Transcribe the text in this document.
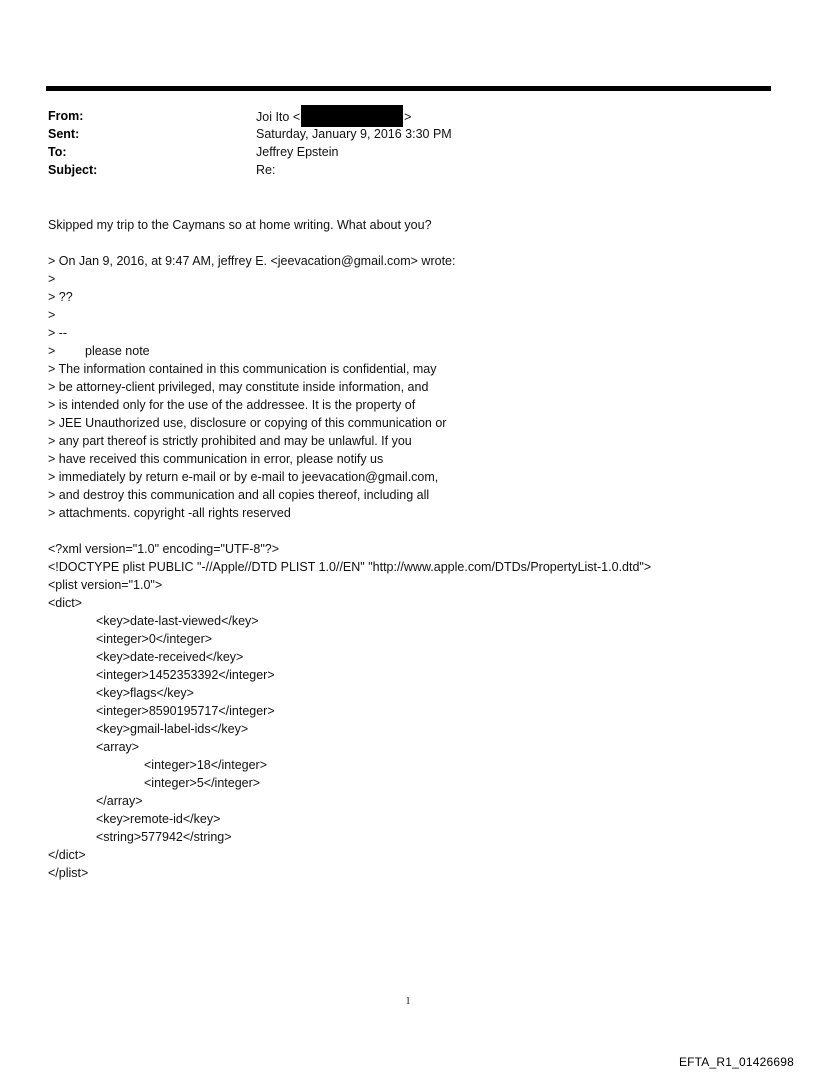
From:	Joi Ito <	>
Sent:	Saturday, January 9, 2016 3:30 PM
To:	Jeffrey Epstein
Subject:	Re:
Skipped my trip to the Caymans so at home writing. What about you?
> On Jan 9, 2016, at 9:47 AM, jeffrey E. <jeevacation@gmail.com> wrote:
>
> ??
>
> --
> please note
> The information contained in this communication is confidential, may
> be attorney-client privileged, may constitute inside information, and
> is intended only for the use of the addressee. It is the property of
> JEE Unauthorized use, disclosure or copying of this communication or
> any part thereof is strictly prohibited and may be unlawful. If you
> have received this communication in error, please notify us
> immediately by return e-mail or by e-mail to jeevacation@gmail.com,
> and destroy this communication and all copies thereof, including all
> attachments. copyright -all rights reserved
<?xml version="1.0" encoding="UTF-8"?>
<!DOCTYPE plist PUBLIC "-//Apple//DTD PLIST 1.0//EN" "http://www.apple.com/DTDs/PropertyList-1.0.dtd">
<plist version="1.0">
<dict>
<key>date-last-viewed</key>
<integer>0</integer>
<key>date-received</key>
<integer>1452353392</integer>
<key>flags</key>
<integer>8590195717</integer>
<key>gmail-label-ids</key>
<array>
<integer>18</integer>
<integer>5</integer>
</array>
<key>remote-id</key>
<string>577942</string>
</dict>
</plist>
1
EFTA_R1_01426698
